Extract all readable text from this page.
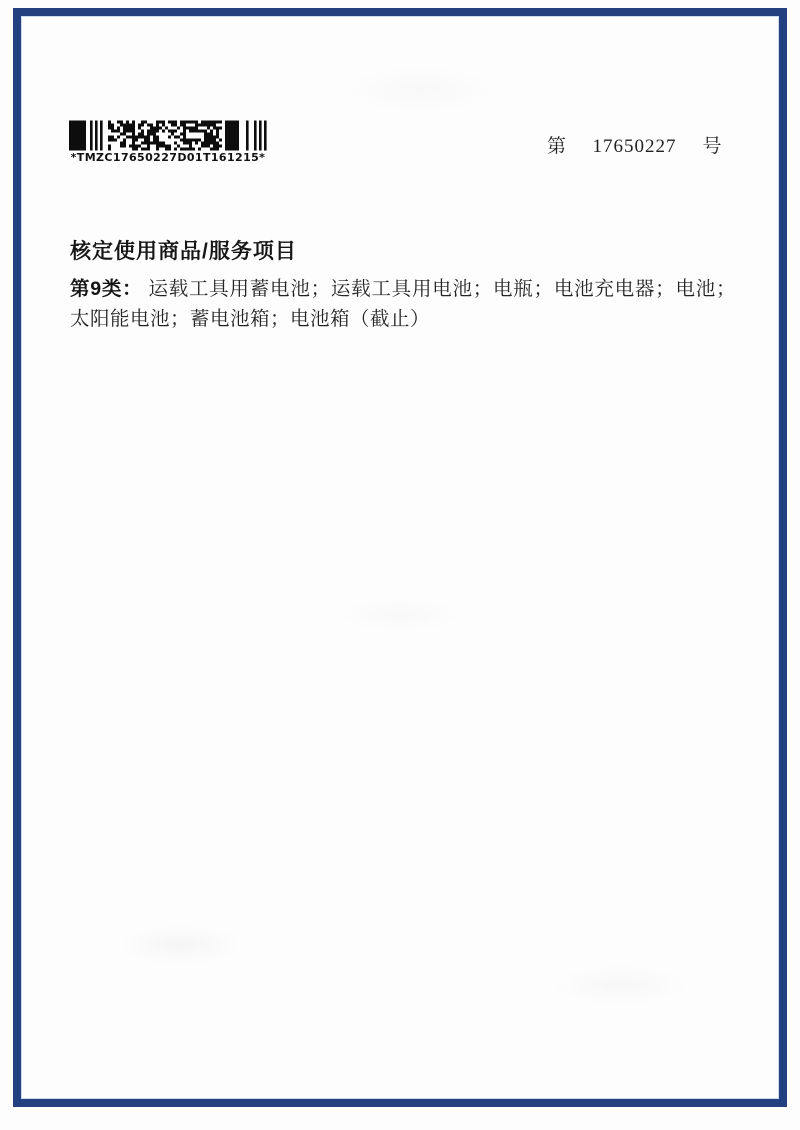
*TMZC17650227D01T161215*
第 17650227 号
核定使用商品/服务项目
第9类： 运载工具用蓄电池；运载工具用电池；电瓶；电池充电器；电池；太阳能电池；蓄电池箱；电池箱（截止）
